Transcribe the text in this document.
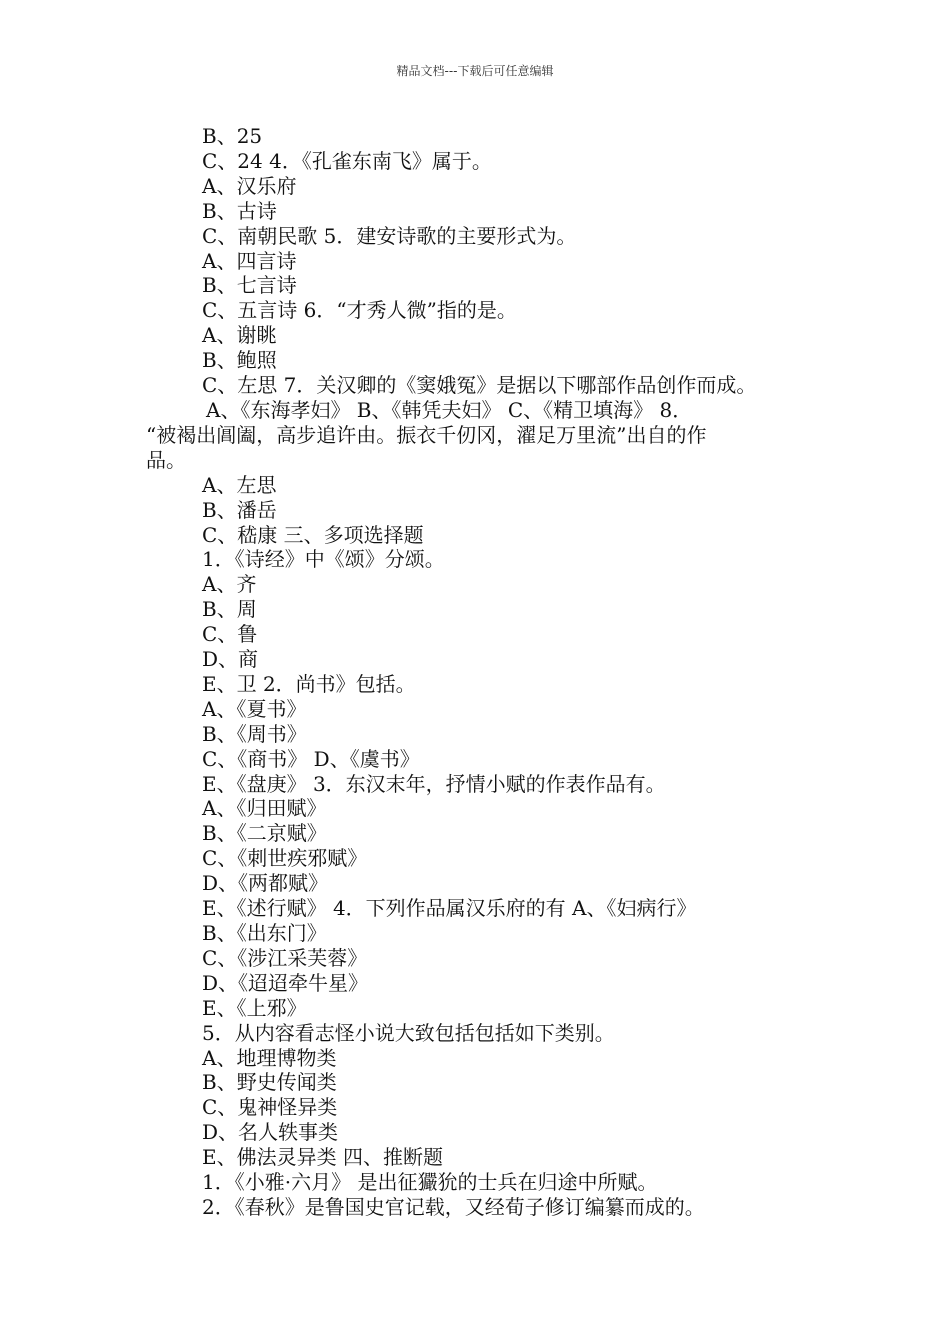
精品文档---下载后可任意编辑
B、25
C、24 4．《孔雀东南飞》属于。
A、汉乐府
B、古诗
C、南朝民歌 5．建安诗歌的主要形式为。
A、四言诗
B、七言诗
C、五言诗 6．“才秀人微”指的是。
A、谢眺
B、鲍照
C、左思 7．关汉卿的《窦娥冤》是据以下哪部作品创作而成。
A、《东海孝妇》 B、《韩凭夫妇》 C、《精卫填海》 8．
“被褐出阊阖，高步追许由。振衣千仞冈，濯足万里流”出自的作
品。
A、左思
B、潘岳
C、嵇康 三、多项选择题
1．《诗经》中《颂》分颂。
A、齐
B、周
C、鲁
D、商
E、卫 2．尚书》包括。
A、《夏书》
B、《周书》
C、《商书》 D、《虞书》
E、《盘庚》 3．东汉末年，抒情小赋的作表作品有。
A、《归田赋》
B、《二京赋》
C、《刺世疾邪赋》
D、《两都赋》
E、《述行赋》 4．下列作品属汉乐府的有 A、《妇病行》
B、《出东门》
C、《涉江采芙蓉》
D、《迢迢牵牛星》
E、《上邪》
5．从内容看志怪小说大致包括包括如下类别。
A、地理博物类
B、野史传闻类
C、鬼神怪异类
D、名人轶事类
E、佛法灵异类 四、推断题
1．《小雅·六月》 是出征玁狁的士兵在归途中所赋。
2．《春秋》是鲁国史官记载，又经荀子修订编纂而成的。
